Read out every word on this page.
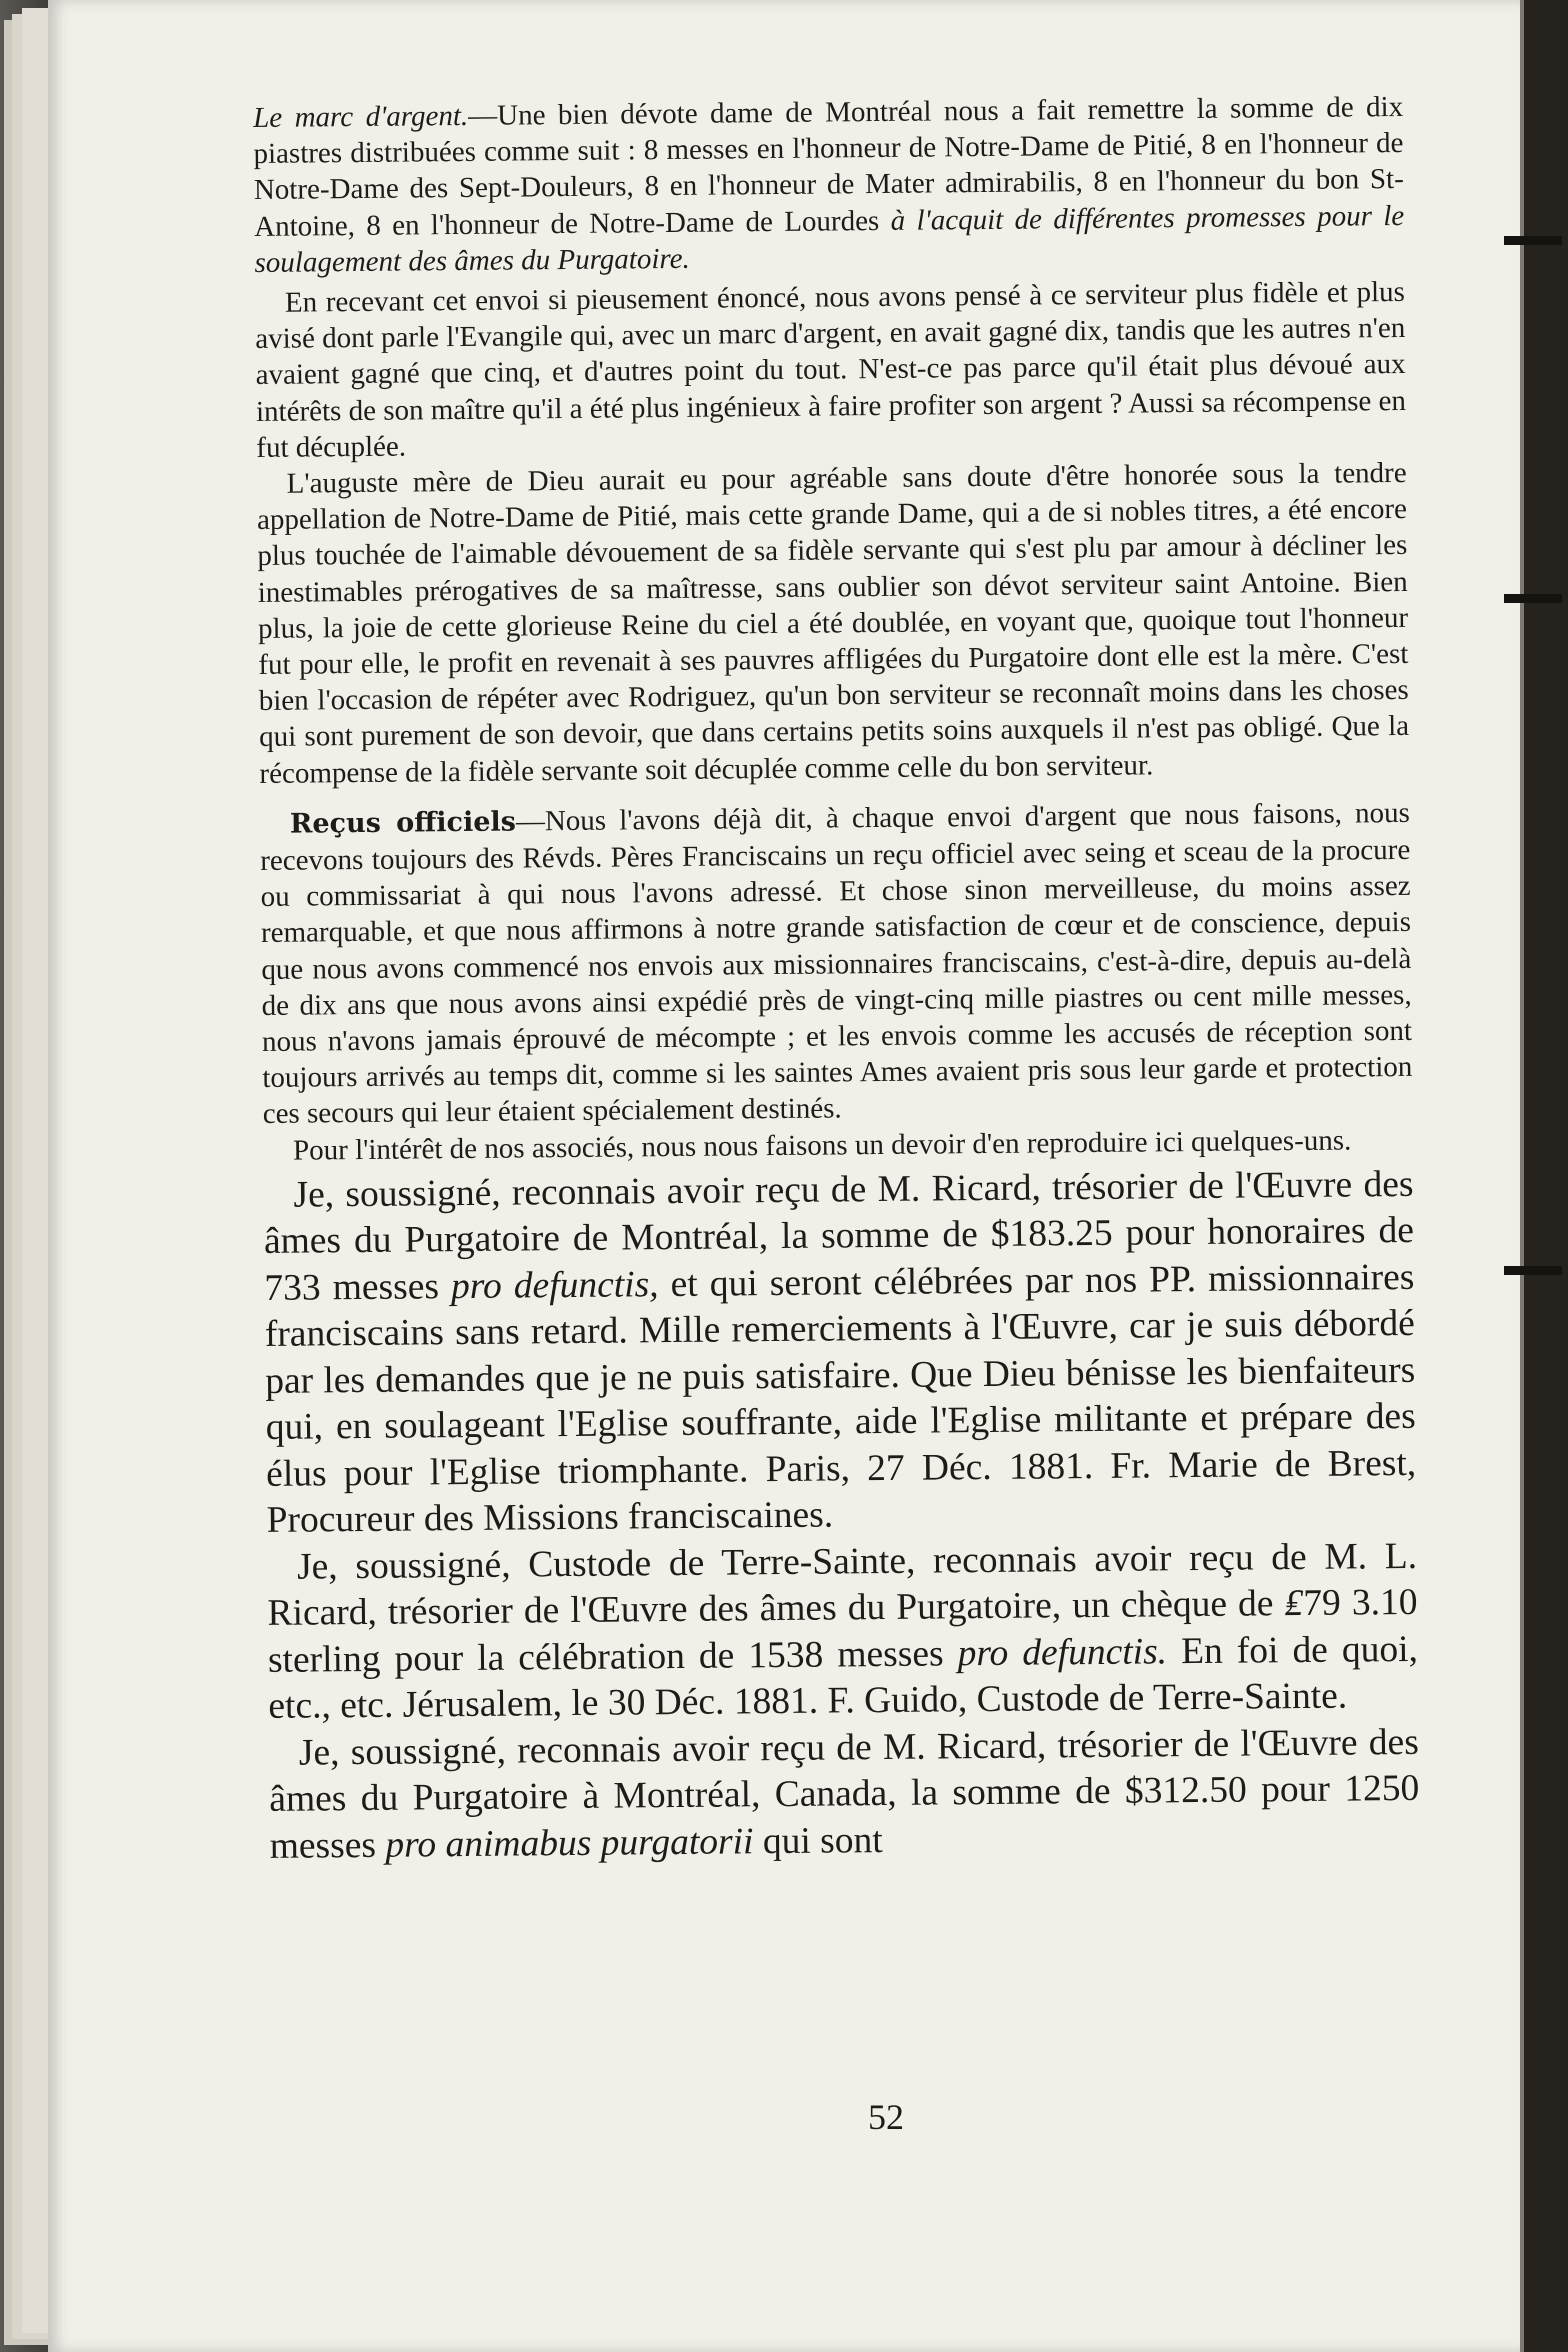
Le marc d'argent.—Une bien dévote dame de Montréal nous a fait remettre la somme de dix piastres distribuées comme suit : 8 messes en l'honneur de Notre-Dame de Pitié, 8 en l'honneur de Notre-Dame des Sept-Douleurs, 8 en l'honneur de Mater admirabilis, 8 en l'honneur du bon St-Antoine, 8 en l'honneur de Notre-Dame de Lourdes à l'acquit de différentes promesses pour le soulagement des âmes du Purgatoire.

En recevant cet envoi si pieusement énoncé, nous avons pensé à ce serviteur plus fidèle et plus avisé dont parle l'Evangile qui, avec un marc d'argent, en avait gagné dix, tandis que les autres n'en avaient gagné que cinq, et d'autres point du tout. N'est-ce pas parce qu'il était plus dévoué aux intérêts de son maître qu'il a été plus ingénieux à faire profiter son argent ? Aussi sa récompense en fut décuplée.

L'auguste mère de Dieu aurait eu pour agréable sans doute d'être honorée sous la tendre appellation de Notre-Dame de Pitié, mais cette grande Dame, qui a de si nobles titres, a été encore plus touchée de l'aimable dévouement de sa fidèle servante qui s'est plu par amour à décliner les inestimables prérogatives de sa maîtresse, sans oublier son dévot serviteur saint Antoine. Bien plus, la joie de cette glorieuse Reine du ciel a été doublée, en voyant que, quoique tout l'honneur fut pour elle, le profit en revenait à ses pauvres affligées du Purgatoire dont elle est la mère. C'est bien l'occasion de répéter avec Rodriguez, qu'un bon serviteur se reconnaît moins dans les choses qui sont purement de son devoir, que dans certains petits soins auxquels il n'est pas obligé. Que la récompense de la fidèle servante soit décuplée comme celle du bon serviteur.

Reçus officiels—Nous l'avons déjà dit, à chaque envoi d'argent que nous faisons, nous recevons toujours des Révds. Pères Franciscains un reçu officiel avec seing et sceau de la procure ou commissariat à qui nous l'avons adressé. Et chose sinon merveilleuse, du moins assez remarquable, et que nous affirmons à notre grande satisfaction de cœur et de conscience, depuis que nous avons commencé nos envois aux missionnaires franciscains, c'est-à-dire, depuis au-delà de dix ans que nous avons ainsi expédié près de vingt-cinq mille piastres ou cent mille messes, nous n'avons jamais éprouvé de mécompte ; et les envois comme les accusés de réception sont toujours arrivés au temps dit, comme si les saintes Ames avaient pris sous leur garde et protection ces secours qui leur étaient spécialement destinés.

Pour l'intérêt de nos associés, nous nous faisons un devoir d'en reproduire ici quelques-uns.

Je, soussigné, reconnais avoir reçu de M. Ricard, trésorier de l'Œuvre des âmes du Purgatoire de Montréal, la somme de $183.25 pour honoraires de 733 messes pro defunctis, et qui seront célébrées par nos PP. missionnaires franciscains sans retard. Mille remerciements à l'Œuvre, car je suis débordé par les demandes que je ne puis satisfaire. Que Dieu bénisse les bienfaiteurs qui, en soulageant l'Eglise souffrante, aide l'Eglise militante et prépare des élus pour l'Eglise triomphante. Paris, 27 Déc. 1881. Fr. Marie de Brest, Procureur des Missions franciscaines.

Je, soussigné, Custode de Terre-Sainte, reconnais avoir reçu de M. L. Ricard, trésorier de l'Œuvre des âmes du Purgatoire, un chèque de ₤79 3.10 sterling pour la célébration de 1538 messes pro defunctis. En foi de quoi, etc., etc. Jérusalem, le 30 Déc. 1881. F. Guido, Custode de Terre-Sainte.

Je, soussigné, reconnais avoir reçu de M. Ricard, trésorier de l'Œuvre des âmes du Purgatoire à Montréal, Canada, la somme de $312.50 pour 1250 messes pro animabus purgatorii qui sont

52
